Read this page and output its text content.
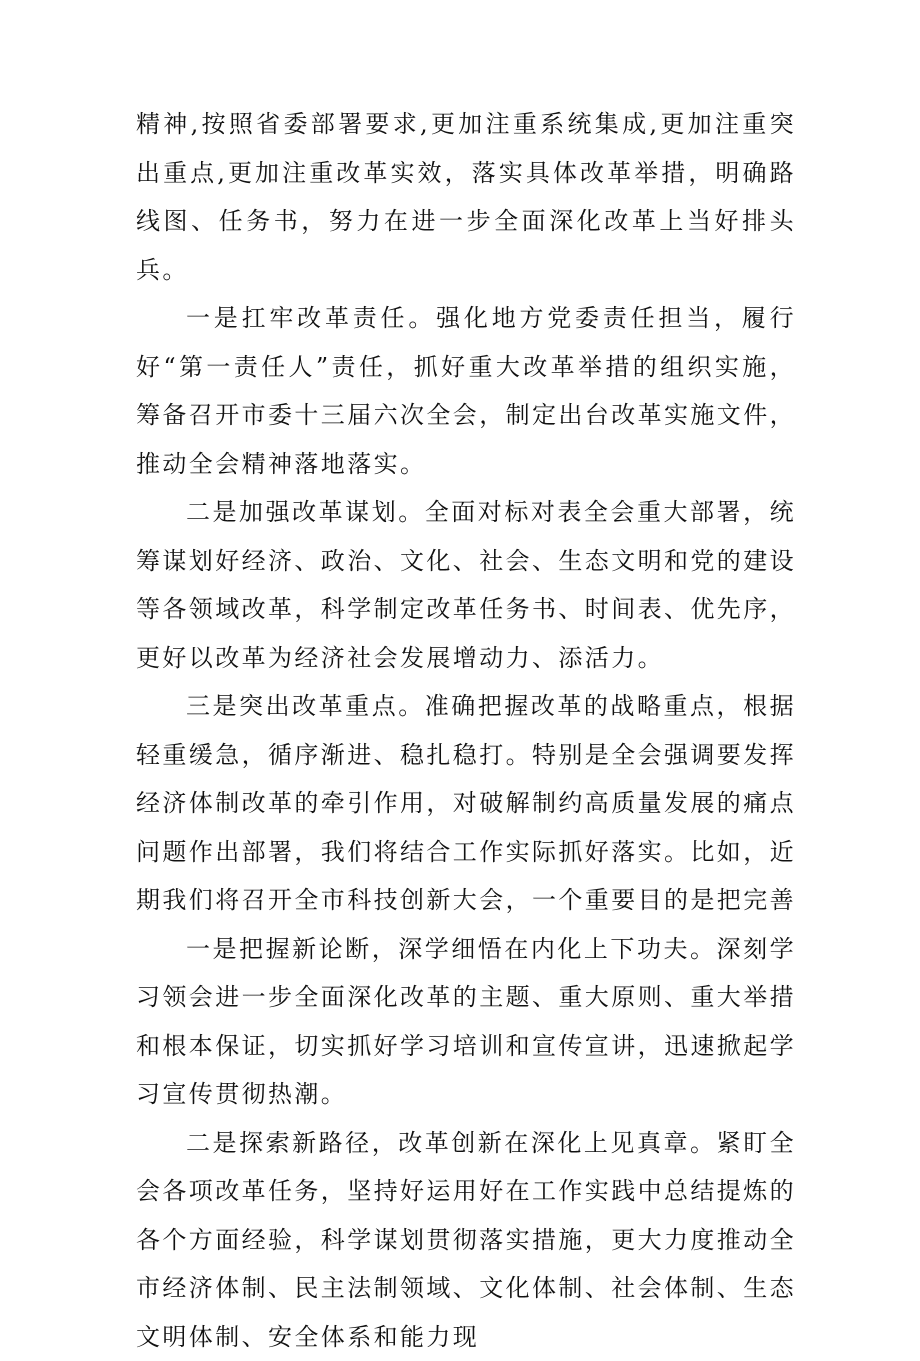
精神,按照省委部署要求,更加注重系统集成,更加注重突出重点,更加注重改革实效，落实具体改革举措，明确路线图、任务书，努力在进一步全面深化改革上当好排头兵。

一是扛牢改革责任。强化地方党委责任担当，履行好“第一责任人”责任，抓好重大改革举措的组织实施，筹备召开市委十三届六次全会，制定出台改革实施文件，推动全会精神落地落实。

二是加强改革谋划。全面对标对表全会重大部署，统筹谋划好经济、政治、文化、社会、生态文明和党的建设等各领域改革，科学制定改革任务书、时间表、优先序，更好以改革为经济社会发展增动力、添活力。

三是突出改革重点。准确把握改革的战略重点，根据轻重缓急，循序渐进、稳扎稳打。特别是全会强调要发挥经济体制改革的牵引作用，对破解制约高质量发展的痛点问题作出部署，我们将结合工作实际抓好落实。比如，近期我们将召开全市科技创新大会，一个重要目的是把完善

一是把握新论断，深学细悟在内化上下功夫。深刻学习领会进一步全面深化改革的主题、重大原则、重大举措和根本保证，切实抓好学习培训和宣传宣讲，迅速掀起学习宣传贯彻热潮。

二是探索新路径，改革创新在深化上见真章。紧盯全会各项改革任务，坚持好运用好在工作实践中总结提炼的各个方面经验，科学谋划贯彻落实措施，更大力度推动全市经济体制、民主法制领域、文化体制、社会体制、生态文明体制、安全体系和能力现
